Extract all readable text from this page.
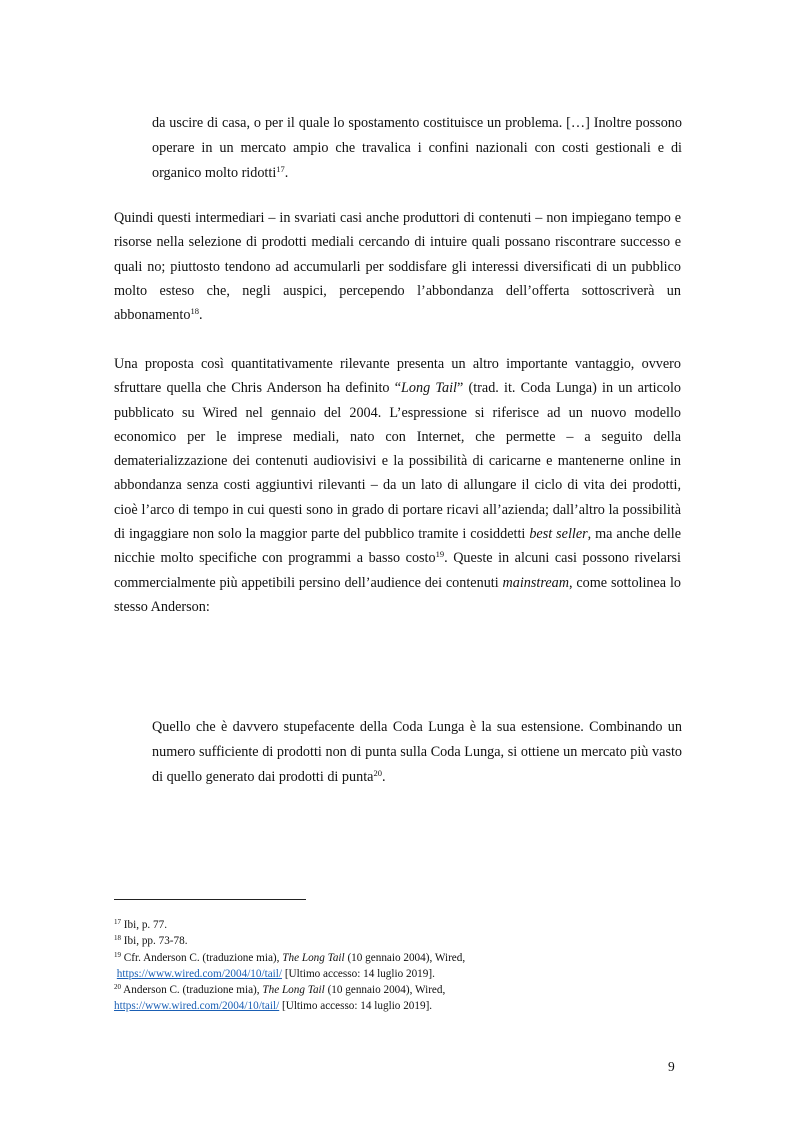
da uscire di casa, o per il quale lo spostamento costituisce un problema. […] Inoltre possono operare in un mercato ampio che travalica i confini nazionali con costi gestionali e di organico molto ridotti$^{17}$.
Quindi questi intermediari – in svariati casi anche produttori di contenuti – non impiegano tempo e risorse nella selezione di prodotti mediali cercando di intuire quali possano riscontrare successo e quali no; piuttosto tendono ad accumularli per soddisfare gli interessi diversificati di un pubblico molto esteso che, negli auspici, percependo l’abbondanza dell’offerta sottoscriverà un abbonamento$^{18}$.
Una proposta così quantitativamente rilevante presenta un altro importante vantaggio, ovvero sfruttare quella che Chris Anderson ha definito “Long Tail” (trad. it. Coda Lunga) in un articolo pubblicato su Wired nel gennaio del 2004. L’espressione si riferisce ad un nuovo modello economico per le imprese mediali, nato con Internet, che permette – a seguito della dematerializzazione dei contenuti audiovisivi e la possibilità di caricarne e mantenerne online in abbondanza senza costi aggiuntivi rilevanti – da un lato di allungare il ciclo di vita dei prodotti, cioè l’arco di tempo in cui questi sono in grado di portare ricavi all’azienda; dall’altro la possibilità di ingaggiare non solo la maggior parte del pubblico tramite i cosiddetti best seller, ma anche delle nicchie molto specifiche con programmi a basso costo$^{19}$. Queste in alcuni casi possono rivelarsi commercialmente più appetibili persino dell’audience dei contenuti mainstream, come sottolinea lo stesso Anderson:
Quello che è davvero stupefacente della Coda Lunga è la sua estensione. Combinando un numero sufficiente di prodotti non di punta sulla Coda Lunga, si ottiene un mercato più vasto di quello generato dai prodotti di punta$^{20}$.
$^{17}$ Ibi, p. 77.
$^{18}$ Ibi, pp. 73-78.
$^{19}$ Cfr. Anderson C. (traduzione mia), The Long Tail (10 gennaio 2004), Wired,
https://www.wired.com/2004/10/tail/ [Ultimo accesso: 14 luglio 2019].
$^{20}$ Anderson C. (traduzione mia), The Long Tail (10 gennaio 2004), Wired,
https://www.wired.com/2004/10/tail/ [Ultimo accesso: 14 luglio 2019].
9
